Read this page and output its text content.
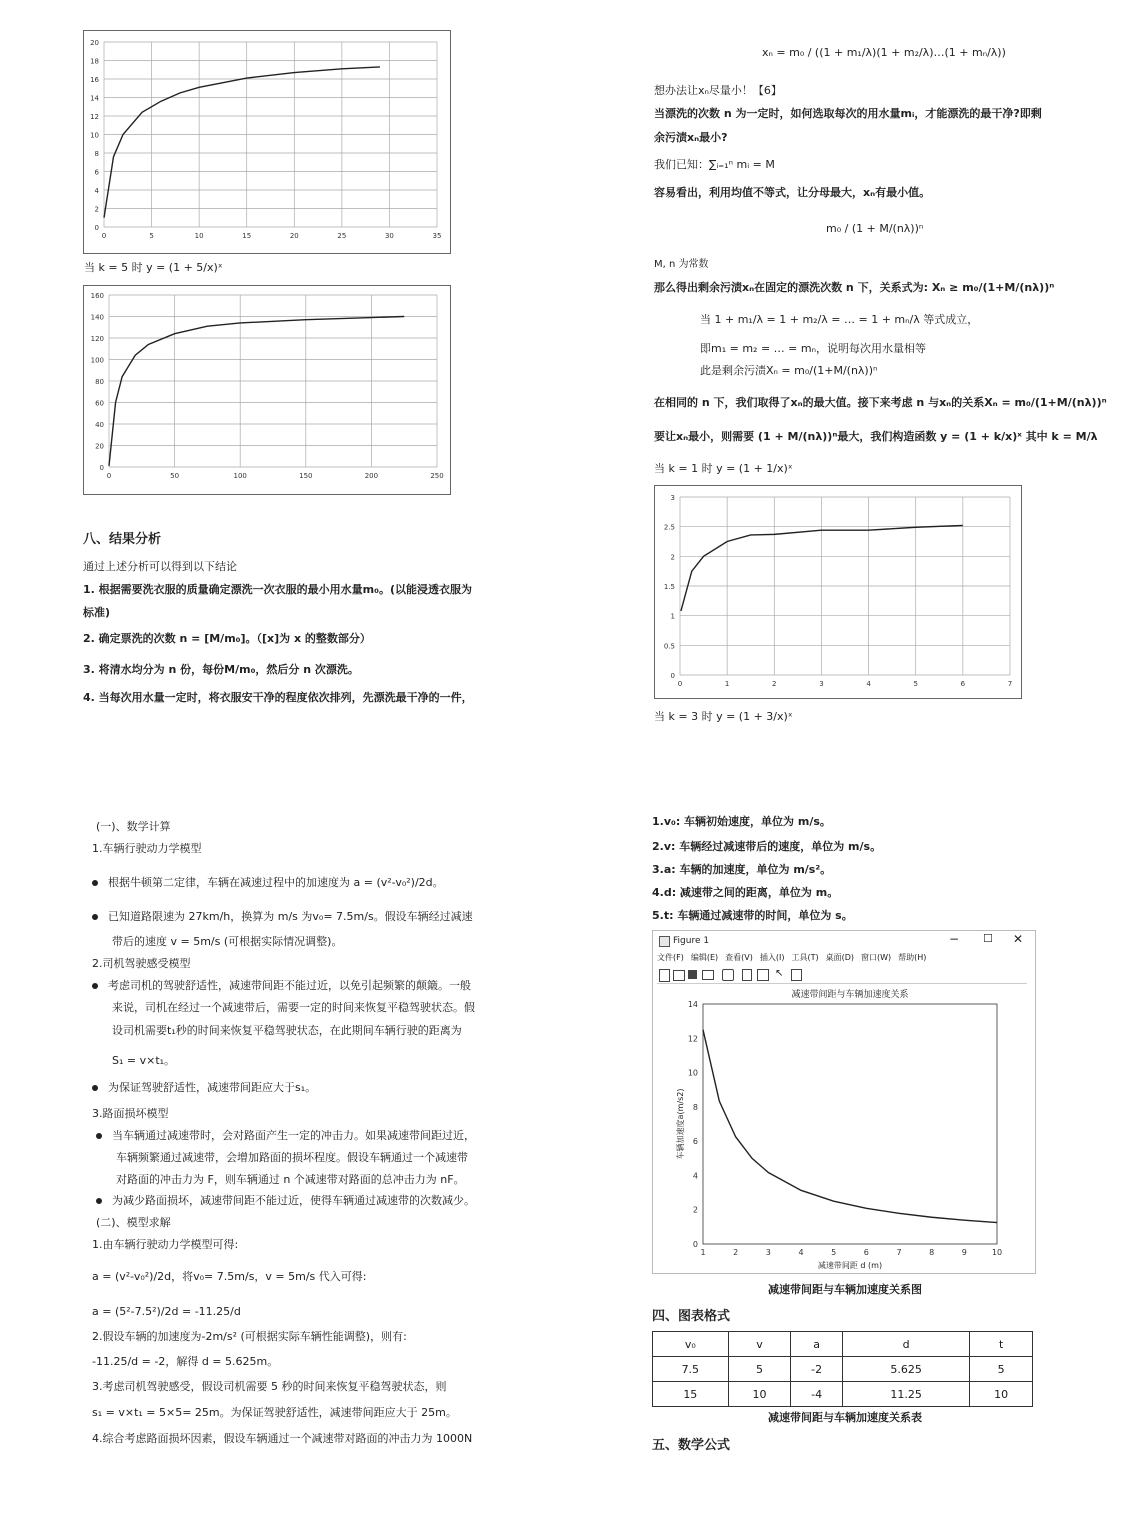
20
18
16
14
12
10
8
6
4
2
0
0	5	10	15	20	25	30	35
当 k = 5 时 y = (1 + 5/x)ˣ
160
140
120
100
80
60
40
20
0
0	50	100	150	200	250
八、结果分析
通过上述分析可以得到以下结论
1. 根据需要洗衣服的质量确定漂洗一次衣服的最小用水量m₀。(以能浸透衣服为
标准)
2. 确定票洗的次数 n = [M/m₀]。（[x]为 x 的整数部分）
3. 将清水均分为 n 份，每份M/m₀，然后分 n 次漂洗。
4. 当每次用水量一定时，将衣服安干净的程度依次排列，先漂洗最干净的一件，
xₙ = m₀ / ((1 + m₁/λ)(1 + m₂/λ)…(1 + mₙ/λ))
想办法让xₙ尽量小！【6】
当漂洗的次数 n 为一定时，如何选取每次的用水量mᵢ，才能漂洗的最干净?即剩
余污渍xₙ最小?
我们已知：∑ᵢ₌₁ⁿ mᵢ = M
容易看出，利用均值不等式，让分母最大，xₙ有最小值。
m₀ / (1 + M/(nλ))ⁿ
M, n 为常数
那么得出剩余污渍xₙ在固定的漂洗次数 n 下，关系式为: Xₙ ≥ m₀/(1+M/(nλ))ⁿ
当 1 + m₁/λ = 1 + m₂/λ = … = 1 + mₙ/λ 等式成立，
即m₁ = m₂ = … = mₙ，说明每次用水量相等
此是剩余污渍Xₙ = m₀/(1+M/(nλ))ⁿ
在相同的 n 下，我们取得了xₙ的最大值。接下来考虑 n 与xₙ的关系Xₙ = m₀/(1+M/(nλ))ⁿ
要让xₙ最小，则需要 (1 + M/(nλ))ⁿ最大，我们构造函数 y = (1 + k/x)ˣ 其中 k = M/λ
当 k = 1 时 y = (1 + 1/x)ˣ
3
2.5
2
1.5
1
0.5
0
0	1	2	3	4	5	6	7
当 k = 3 时 y = (1 + 3/x)ˣ
(一)、数学计算
1.车辆行驶动力学模型
根据牛顿第二定律，车辆在减速过程中的加速度为 a = (v²-v₀²)/2d。
已知道路限速为 27km/h，换算为 m/s 为v₀= 7.5m/s。假设车辆经过减速
带后的速度 v = 5m/s (可根据实际情况调整)。
2.司机驾驶感受模型
考虑司机的驾驶舒适性，减速带间距不能过近，以免引起频繁的颠簸。一般
来说，司机在经过一个减速带后，需要一定的时间来恢复平稳驾驶状态。假
设司机需要t₁秒的时间来恢复平稳驾驶状态，在此期间车辆行驶的距离为
S₁ = v×t₁。
为保证驾驶舒适性，减速带间距应大于s₁。
3.路面损坏模型
当车辆通过减速带时，会对路面产生一定的冲击力。如果减速带间距过近，
车辆频繁通过减速带，会增加路面的损坏程度。假设车辆通过一个减速带
对路面的冲击力为 F，则车辆通过 n 个减速带对路面的总冲击力为 nF。
为减少路面损坏，减速带间距不能过近，使得车辆通过减速带的次数减少。
(二)、模型求解
1.由车辆行驶动力学模型可得:
a = (v²-v₀²)/2d，将v₀= 7.5m/s，v = 5m/s 代入可得:
a = (5²-7.5²)/2d = -11.25/d
2.假设车辆的加速度为-2m/s² (可根据实际车辆性能调整)，则有:
-11.25/d = -2，解得 d = 5.625m。
3.考虑司机驾驶感受，假设司机需要 5 秒的时间来恢复平稳驾驶状态，则
s₁ = v×t₁ = 5×5= 25m。为保证驾驶舒适性，减速带间距应大于 25m。
4.综合考虑路面损坏因素，假设车辆通过一个减速带对路面的冲击力为 1000N
1.v₀: 车辆初始速度，单位为 m/s。
2.v: 车辆经过减速带后的速度，单位为 m/s。
3.a: 车辆的加速度，单位为 m/s²。
4.d: 减速带之间的距离，单位为 m。
5.t: 车辆通过减速带的时间，单位为 s。
Figure 1	− ☐ ✕
文件(F) 编辑(E) 查看(V) 插入(I) 工具(T) 桌面(D) 窗口(W) 帮助(H)
↖
14
12
10
8
6
4
2
0
1	2	3	4	5	6	7	8	9	10
减速带间距与车辆加速度关系
减速带间距 d (m)
车辆加速度a(m/s2)
减速带间距与车辆加速度关系图
四、图表格式
v₀	v	a	d	t
7.5	5	-2	5.625	5
15	10	-4	11.25	10
减速带间距与车辆加速度关系表
五、数学公式
